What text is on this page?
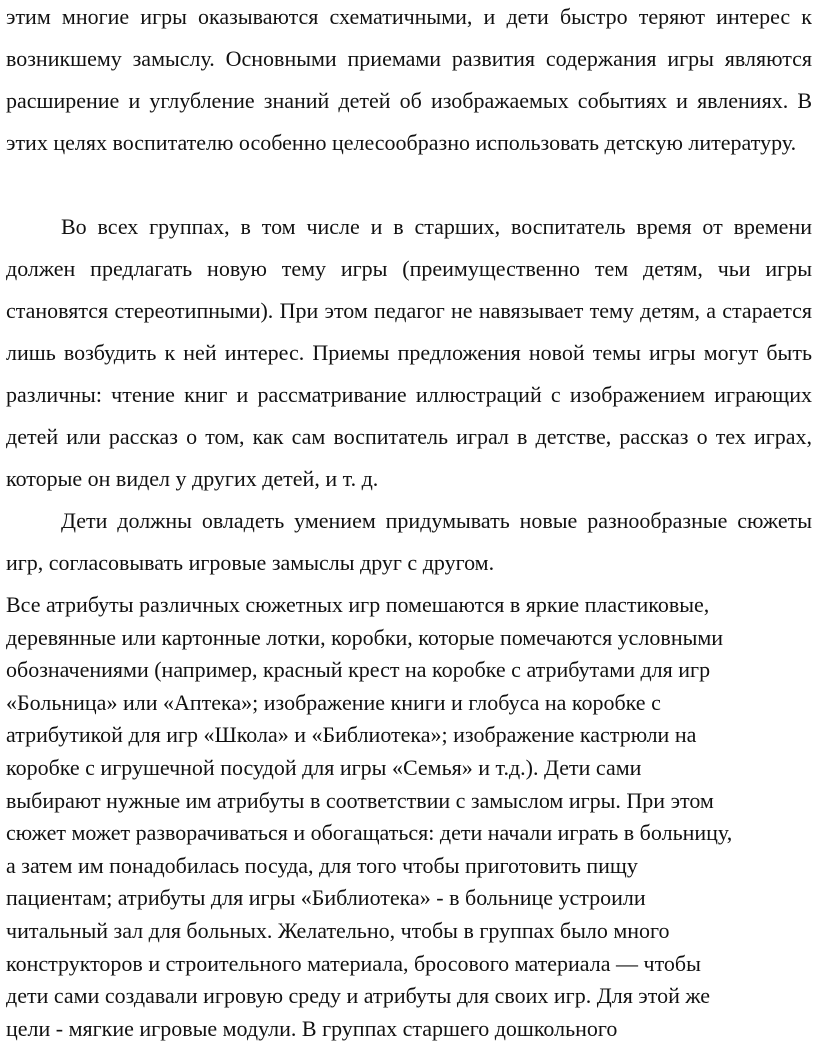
этим многие игры оказываются схематичными, и дети быстро теряют интерес к возникшему замыслу. Основными приемами развития содержания игры являются расширение и углубление знаний детей об изображаемых событиях и явлениях. В этих целях воспитателю особенно целесообразно использовать детскую литературу.

Во всех группах, в том числе и в старших, воспитатель время от времени должен предлагать новую тему игры (преимущественно тем детям, чьи игры становятся стереотипными). При этом педагог не навязывает тему детям, а старается лишь возбудить к ней интерес. Приемы предложения новой темы игры могут быть различны: чтение книг и рассматривание иллюстраций с изображением играющих детей или рассказ о том, как сам воспитатель играл в детстве, рассказ о тех играх, которые он видел у других детей, и т. д.

Дети должны овладеть умением придумывать новые разнообразные сюжеты игр, согласовывать игровые замыслы друг с другом.

Все атрибуты различных сюжетных игр помешаются в яркие пластиковые,
деревянные или картонные лотки, коробки, которые помечаются условными
обозначениями (например, красный крест на коробке с атрибутами для игр
«Больница» или «Аптека»; изображение книги и глобуса на коробке с
атрибутикой для игр «Школа» и «Библиотека»; изображение кастрюли на
коробке с игрушечной посудой для игры «Семья» и т.д.). Дети сами
выбирают нужные им атрибуты в соответствии с замыслом игры. При этом
сюжет может разворачиваться и обогащаться: дети начали играть в больницу,
а затем им понадобилась посуда, для того чтобы приготовить пищу
пациентам; атрибуты для игры «Библиотека» - в больнице устроили
читальный зал для больных. Желательно, чтобы в группах было много
конструкторов и строительного материала, бросового материала — чтобы
дети сами создавали игровую среду и атрибуты для своих игр. Для этой же
цели - мягкие игровые модули. В группах старшего дошкольного
